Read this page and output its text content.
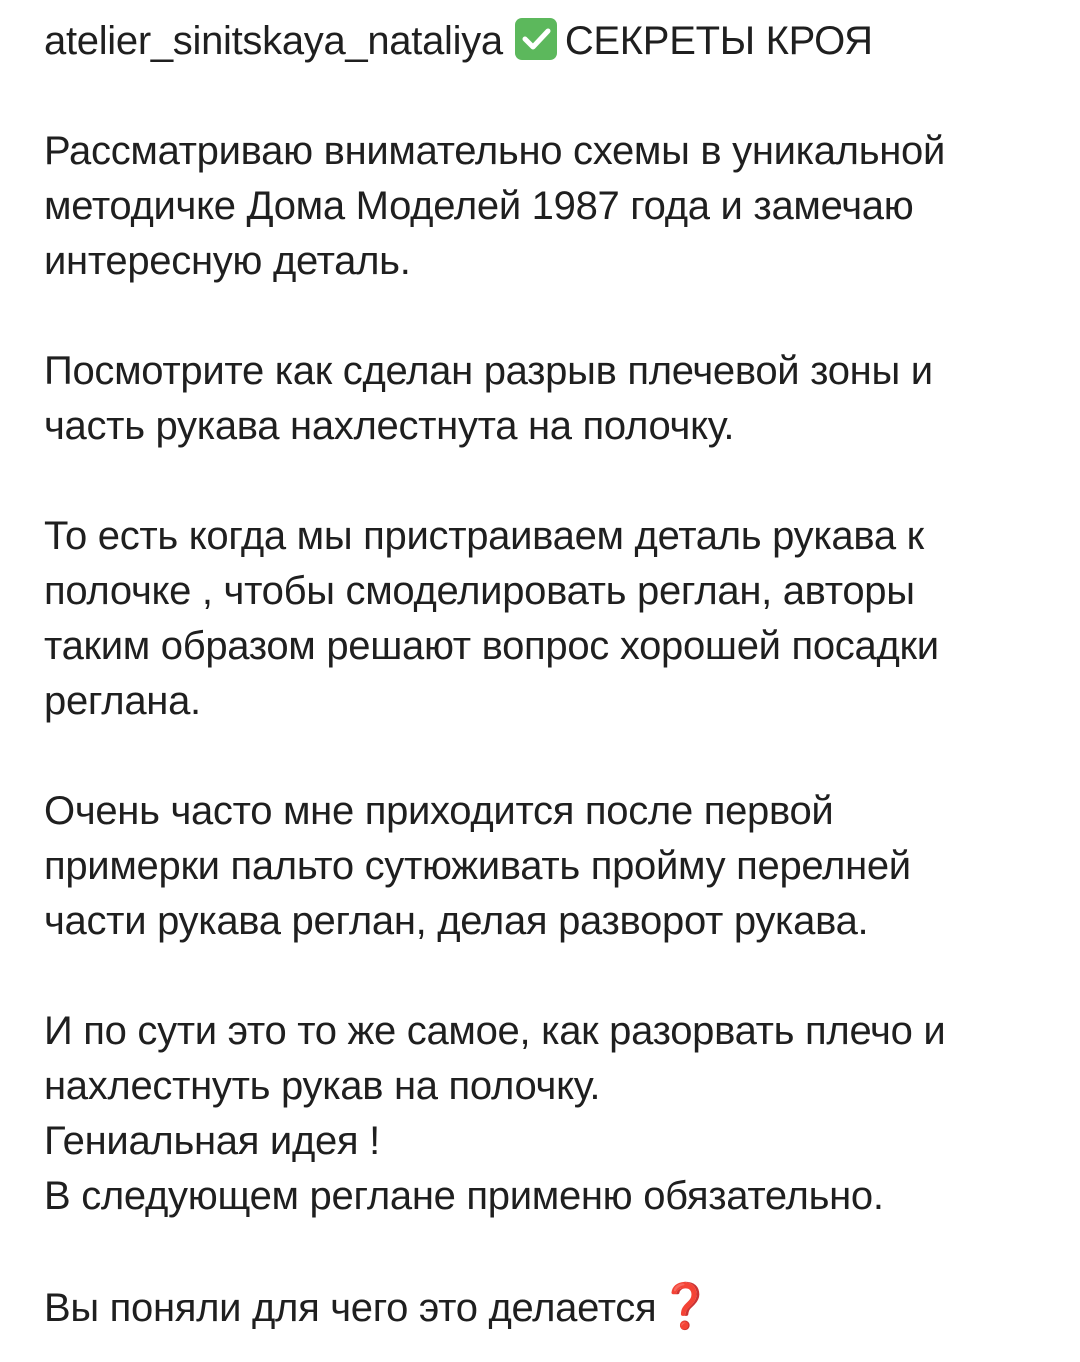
atelier_sinitskaya_nataliya СЕКРЕТЫ КРОЯ
Рассматриваю внимательно схемы в уникальной
методичке Дома Моделей 1987 года и замечаю
интересную деталь.
Посмотрите как сделан разрыв плечевой зоны и
часть рукава нахлестнута на полочку.
То есть когда мы пристраиваем деталь рукава к
полочке , чтобы смоделировать реглан, авторы
таким образом решают вопрос хорошей посадки
реглана.
Очень часто мне приходится после первой
примерки пальто сутюживать пройму перелней
части рукава реглан, делая разворот рукава.
И по сути это то же самое, как разорвать плечо и
нахлестнуть рукав на полочку.
Гениальная идея !
В следующем реглане применю обязательно.
Вы поняли для чего это делается❓
